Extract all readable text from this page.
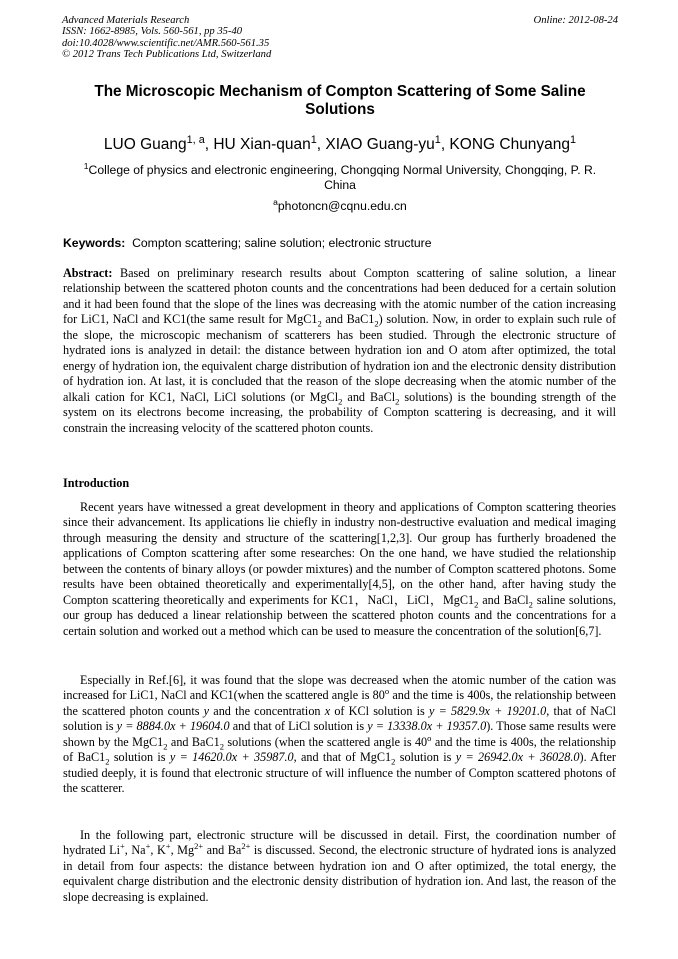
Advanced Materials Research
ISSN: 1662-8985, Vols. 560-561, pp 35-40
doi:10.4028/www.scientific.net/AMR.560-561.35
© 2012 Trans Tech Publications Ltd, Switzerland
Online: 2012-08-24
The Microscopic Mechanism of Compton Scattering of Some Saline Solutions
LUO Guang$^{1, a}$, HU Xian-quan$^1$, XIAO Guang-$yu^1$, KONG Chunyang$^1$
$^1$College of physics and electronic engineering, Chongqing Normal University, Chongqing, P. R. China
$^a$photoncn@cqnu.edu.cn
Keywords: Compton scattering; saline solution; electronic structure
Abstract: Based on preliminary research results about Compton scattering of saline solution, a linear relationship between the scattered photon counts and the concentrations had been deduced for a certain solution and it had been found that the slope of the lines was decreasing with the atomic number of the cation increasing for LiC1, NaCl and KC1(the same result for $MgC1_2$ and $BaC1_2$) solution. Now, in order to explain such rule of the slope, the microscopic mechanism of scatterers has been studied. Through the electronic structure of hydrated ions is analyzed in detail: the distance between hydration ion and O atom after optimized, the total energy of hydration ion, the equivalent charge distribution of hydration ion and the electronic density distribution of hydration ion. At last, it is concluded that the reason of the slope decreasing when the atomic number of the alkali cation for KC1, NaCl, LiCl solutions (or MgCl$_2$ and BaCl$_2$ solutions) is the bounding strength of the system on its electrons become increasing, the probability of Compton scattering is decreasing, and it will constrain the increasing velocity of the scattered photon counts.
Introduction
Recent years have witnessed a great development in theory and applications of Compton scattering theories since their advancement. Its applications lie chiefly in industry non-destructive evaluation and medical imaging through measuring the density and structure of the scattering[1,2,3]. Our group has furtherly broadened the applications of Compton scattering after some researches: On the one hand, we have studied the relationship between the contents of binary alloys (or powder mixtures) and the number of Compton scattered photons. Some results have been obtained theoretically and experimentally[4,5], on the other hand, after having study the Compton scattering theoretically and experiments for KC1，NaCl，LiCl，$MgC1_2$ and BaCl$_2$ saline solutions, our group has deduced a linear relationship between the scattered photon counts and the concentrations for a certain solution and worked out a method which can be used to measure the concentration of the solution[6,7].
Especially in Ref.[6], it was found that the slope was decreased when the atomic number of the cation was increased for LiC1, NaCl and KC1(when the scattered angle is 80$^o$ and the time is 400s, the relationship between the scattered photon counts y and the concentration x of KCl solution is y = 5829.9x + 19201.0, that of NaCl solution is y = 8884.0x + 19604.0 and that of LiCl solution is y = 13338.0x + 19357.0). Those same results were shown by the $MgC1_2$ and $BaC1_2$ solutions (when the scattered angle is 40$^o$ and the time is 400s, the relationship of $BaC1_2$ solution is y = 14620.0x + 35987.0, and that of $MgC1_2$ solution is y = 26942.0x + 36028.0). After studied deeply, it is found that electronic structure of will influence the number of Compton scattered photons of the scatterer.
In the following part, electronic structure will be discussed in detail. First, the coordination number of hydrated Li+, Na+, K+, $Mg^{2+}$ and $Ba^{2+}$ is discussed. Second, the electronic structure of hydrated ions is analyzed in detail from four aspects: the distance between hydration ion and O after optimized, the total energy, the equivalent charge distribution and the electronic density distribution of hydration ion. And last, the reason of the slope decreasing is explained.
